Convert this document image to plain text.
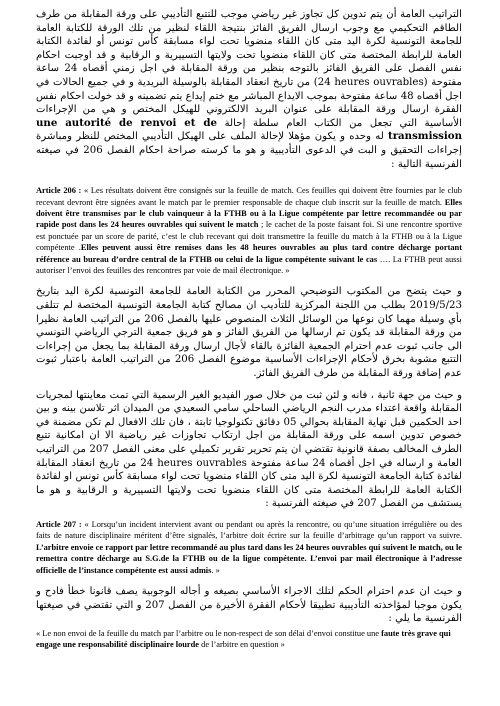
التراتيب العامة أن يتم تدوين كل تجاوز غير رياضي موجب للتتبع التأديبي على ورقة المقابلة من طرف الطاقم التحكيمي مع وجوب ارسال الفريق الفائز بنتيجة اللقاء لنظير من تلك الورقة للكتابة العامة للجامعة التونسية لكرة اليد متى كان اللقاء منضويا تحت لواء مسابقة كأس تونس أو لفائدة الكتابة العامة للرابطة المختصة متى كان اللقاء منضويا تحت ولايتها التسييرية و الرقابية و قد اوجبت احكام نفس الفصل على الفريق الفائز بالتوجه بنظير من ورقة المقابلة في اجل زمني أقصاه 24 ساعة مفتوحة (24 heures ouvrables) من تاريخ انعقاد المقابلة بالوسيلة البريدية و في جميع الحالات في اجل أقصاه 48 ساعة مفتوحة بموجب الايداع المباشر مع ختم إيداع يتم تضمينه و قد خولت احكام نفس الفقرة ارسال ورقة المقابلة على عنوان البريد الالكتروني للهيكل المختص و هي من الإجراءات الأساسية التي تجعل من الكتاب العام سلطة إحالة une autorité de renvoi et de transmission له وحده و يكون مؤهلا لإحالة الملف على الهيكل التأديبي المختص للنظر ومباشرة إجراءات التحقيق و البت في الدعوى التأديبية و هو ما كرسته صراحة احكام الفصل 206 في صيغته الفرنسية التالية :

Article 206 : « Les résultats doivent être consignés sur la feuille de match. Ces feuilles qui doivent être fournies par le club recevant devront être signées avant le match par le premier responsable de chaque club inscrit sur la feuille de match. Elles doivent être transmises par le club vainqueur à la FTHB ou à la Ligue compétente par lettre recommandée ou par rapide post dans les 24 heures ouvrables qui suivent le match ; le cachet de la poste faisant foi. Si une rencontre sportive est ponctuée par un score de parité, c’est le club recevant qui doit transmettre la feuille du match à la FTHB ou à la Ligue compétente .Elles peuvent aussi être remises dans les 48 heures ouvrables au plus tard contre décharge portant référence au bureau d’ordre central de la FTHB ou celui de la ligue compétente suivant le cas …. La FTHB peut aussi autoriser l’envoi des feuilles des rencontres par voie de mail électronique. »

و حيث يتضح من المكتوب التوضيحي المحرر من الكتابة العامة للجامعة التونسية لكرة اليد بتاريخ 2019/5/23 بطلب من اللجنة المركزية للتأديب ان مصالح كتابة الجامعة التونسية المختصة لم تتلقى بأي وسيلة مهما كان نوعها من الوسائل الثلاث المنصوص عليها بالفصل 206 من التراتيب العامة نظيرا من ورقة المقابلة قد يكون تم ارسالها من الفريق الفائز و هو فريق جمعية الترجي الرياضي التونسي الى جانب ثبوت عدم احترام الجمعية الفائزة بالقاء لأجال ارسال ورقة المقابلة بما يجعل من إجراءات التتبع مشوبة بخرق لأحكام الإجراءات الأساسية موضوع الفصل 206 من التراتيب العامة باعتبار ثبوت عدم إضافة ورقة المقابلة من طرف الفريق الفائز.

و حيث من جهة ثانية ، فانه و لئن ثبت من خلال صور الفيديو الغير الرسمية التي تمت معاينتها لمجريات المقابلة واقعة اعتداء مدرب النجم الرياضي الساحلي سامي السعيدي من الميدان اثر تلاسن بينه و بين احد الحكمين قبل نهاية المقابلة بحوالي 05 دقائق تكنولوجيا ثابتة ، فان تلك الافعال لم تكن مضمنة في خصوص تدوين اسمه على ورقة المقابلة من اجل ارتكاب تجاوزات غير رياضية الا ان امكانية تتبع الطرف المخالف بصفة قانونية تقتضي ان يتم تحرير تقرير تكميلي على معنى الفصل 207 من التراتيب العامة و ارساله في اجل أقصاه 24 ساعة مفتوحة 24 heures ouvrables من تاريخ انعقاد المقابلة لفائدة كتابة الجامعة التونسية لكرة اليد متى كان اللقاء منضويا تحت لواء مسابقة كأس تونس او لفائدة الكتابة العامة للرابطة المختصة متى كان اللقاء منضويا تحت ولايتها التسييرية و الرقابية و هو ما يستشف من الفصل 207 في صيغته الفرنسية :

Article 207 : « Lorsqu’un incident intervient avant ou pendant ou après la rencontre, ou qu’une situation irrégulière ou des faits de nature disciplinaire méritent d’être signalés, l’arbitre doit écrire sur la feuille d’arbitrage qu’un rapport va suivre. L’arbitre envoie ce rapport par lettre recommandé au plus tard dans les 24 heures ouvrables qui suivent le match, ou le remettra contre décharge au S.G.de la FTHB ou de la ligue compétente. L’envoi par mail électronique à l’adresse officielle de l’instance compétente est aussi admis. »

و حيث ان عدم احترام الحكم لتلك الاجراء الأساسي بصيغه و أجاله الوجوبية يصف قانونا خطأ فادح و يكون موجبا لمؤاخذته التأديبية تطبيقا لأحكام الفقرة الأخيرة من الفصل 207 و التي تقتضي في صيغتها الفرنسية ما يلي :

« Le non envoi de la feuille du match par l’arbitre ou le non-respect de son délai d’envoi constitue une faute très grave qui engage une responsabilité disciplinaire lourde de l’arbitre en question »
